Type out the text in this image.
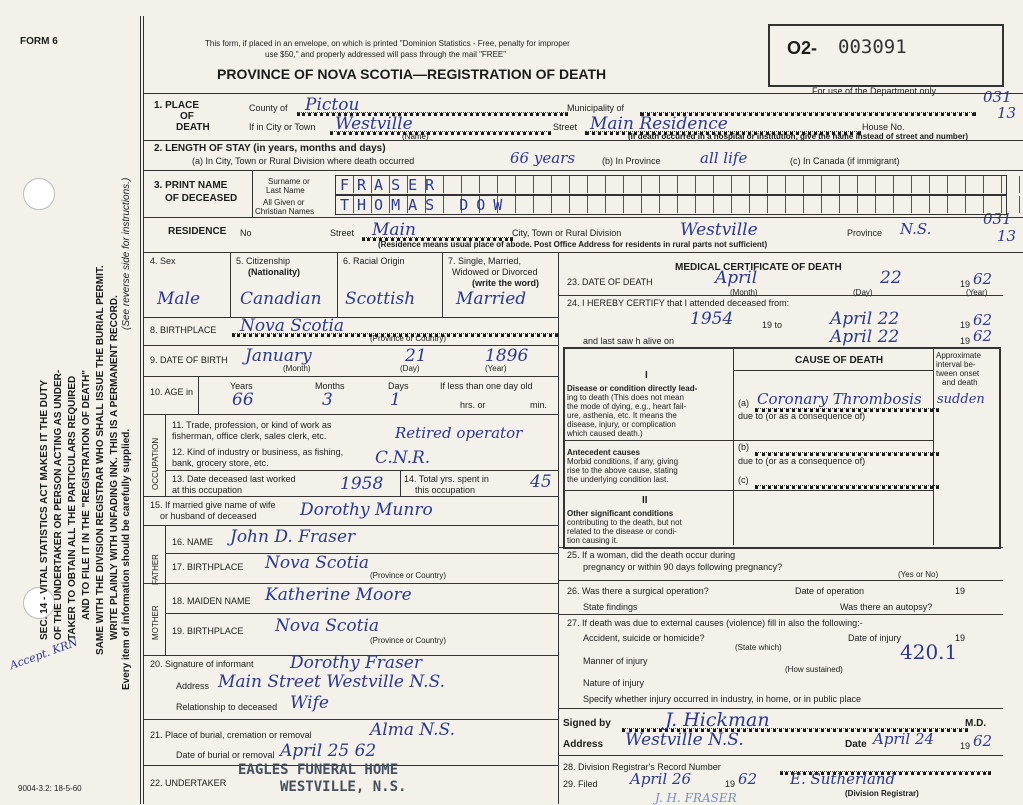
FORM 6	This form, if placed in an envelope, on which is printed "Dominion Statistics - Free, penalty for improper
use $50," and properly addressed will pass through the mail "FREE"
PROVINCE OF NOVA SCOTIA—REGISTRATION OF DEATH
O2- 003091
For use of the Department only	031
13
031
13
SEC. 14 - VITAL STATISTICS ACT MAKES IT THE DUTY OF THE UNDERTAKER OR PERSON ACTING AS UNDER- TAKER TO OBTAIN ALL THE PARTICULARS REQUIRED AND TO FILE IT IN THE "REGISTRATION OF DEATH" SAME WITH THE DIVISION REGISTRAR WHO SHALL ISSUE THE BURIAL PERMIT. WRITE PLAINLY WITH UNFADING INK. THIS IS A PERMANENT RECORD. Every item of information should be carefully supplied.
(See reverse side for instructions.)
Accept. KRN
9004-3.2: 18-5-60
1. PLACE
OF
DEATH
County of Pictou	Municipality of
If in City or Town Westville
(Name)
Street Main Residence	House No.
(If death occurred in a hospital or institution, give the name instead of street and number)
2. LENGTH OF STAY (in years, months and days)
(a) In City, Town or Rural Division where death occurred	66 years	(b) In Province	all life	(c) In Canada (if immigrant)
3. PRINT NAME
OF DECEASED
Surname or
Last Name
All Given or
Christian Names
FRASER
THOMAS DOW
RESIDENCE No	Street Main	City, Town or Rural Division	Westville	Province N.S.
(Residence means usual place of abode. Post Office Address for residents in rural parts not sufficient)
4. Sex	5. Citizenship
(Nationality)
6. Racial Origin	7. Single, Married,
Widowed or Divorced
(write the word)
Male Canadian Scottish Married
8. BIRTHPLACE Nova Scotia
(Province or Country)
9. DATE OF BIRTH January	21	1896
(Month)	(Day)	(Year)
10. AGE in
Years	Months	Days	If less than one day old
66	3	1	hrs. or	min.
OCCUPATION
11. Trade, profession, or kind of work as
fisherman, office clerk, sales clerk, etc.	Retired operator
12. Kind of industry or business, as fishing,
bank, grocery store, etc.	C.N.R.
13. Date deceased last worked
at this occupation	1958 14. Total yrs. spent in
this occupation	45
15. If married give name of wife
or husband of deceased	Dorothy Munro
FATHER
16. NAME John D. Fraser
17. BIRTHPLACE Nova Scotia
(Province or Country)
MOTHER
18. MAIDEN NAME Katherine Moore
19. BIRTHPLACE Nova Scotia
(Province or Country)
20. Signature of informant Dorothy Fraser
Address Main Street Westville N.S.
Relationship to deceased Wife
21. Place of burial, cremation or removal	Alma N.S.
Date of burial or removal April 25 62
22. UNDERTAKER
EAGLES FUNERAL HOME
WESTVILLE, N.S.
MEDICAL CERTIFICATE OF DEATH
23. DATE OF DEATH	April	22	19 62
(Month)	(Day)	(Year)
24. I HEREBY CERTIFY that I attended deceased from:
1954	19 to	April 22	19 62
and last saw h alive on	April 22	19 62
CAUSE OF DEATH	Approximate
interval be-
tween onset
and death
I
Disease or condition directly lead-
ing to death (This does not mean
the mode of dying, e.g., heart fail-
ure, asthenia, etc. It means the
disease, injury, or complication
which caused death.)
(a) Coronary Thrombosis sudden
due to (or as a consequence of)
Antecedent causes
Morbid conditions, if any, giving
rise to the above cause, stating
the underlying condition last.
(b)
due to (or as a consequence of)
(c)
II
Other significant conditions
contributing to the death, but not
related to the disease or condi-
tion causing it.
25. If a woman, did the death occur during
pregnancy or within 90 days following pregnancy?
(Yes or No)
26. Was there a surgical operation?	Date of operation	19
State findings	Was there an autopsy?
27. If death was due to external causes (violence) fill in also the following:-
Accident, suicide or homicide?	Date of injury	19
(State which)
Manner of injury	420.1
(How sustained)
Nature of injury
Specify whether injury occurred in industry, in home, or in public place
Signed by	J. Hickman	M.D.
Address Westville N.S.	Date April 24	19 62
28. Division Registrar's Record Number
29. Filed April 26	19 62 E. Sutherland
(Division Registrar)
J. H. FRASER
